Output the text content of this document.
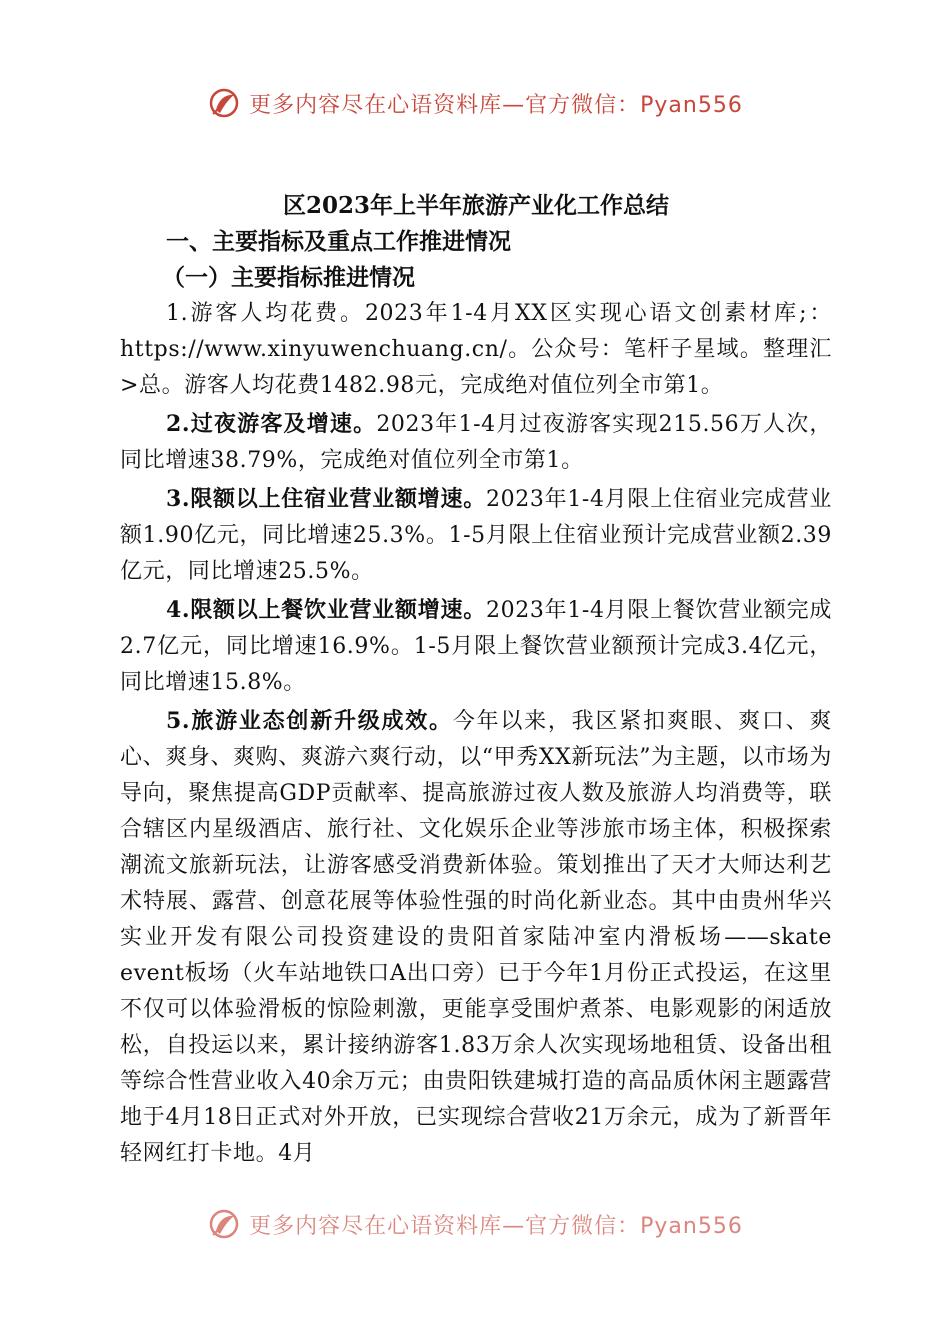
更多内容尽在心语资料库—官方微信：Pyan556

区2023年上半年旅游产业化工作总结

一、主要指标及重点工作推进情况

（一）主要指标推进情况

1.游客人均花费。2023年1-4月XX区实现心语文创素材库;：https://www.xinyuwenchuang.cn/。公众号：笔杆子星域。整理汇>总。游客人均花费1482.98元，完成绝对值位列全市第1。

2.过夜游客及增速。2023年1-4月过夜游客实现215.56万人次，同比增速38.79%，完成绝对值位列全市第1。

3.限额以上住宿业营业额增速。2023年1-4月限上住宿业完成营业额1.90亿元，同比增速25.3%。1-5月限上住宿业预计完成营业额2.39亿元，同比增速25.5%。

4.限额以上餐饮业营业额增速。2023年1-4月限上餐饮营业额完成2.7亿元，同比增速16.9%。1-5月限上餐饮营业额预计完成3.4亿元，同比增速15.8%。

5.旅游业态创新升级成效。今年以来，我区紧扣爽眼、爽口、爽心、爽身、爽购、爽游六爽行动，以“甲秀XX新玩法”为主题，以市场为导向，聚焦提高GDP贡献率、提高旅游过夜人数及旅游人均消费等，联合辖区内星级酒店、旅行社、文化娱乐企业等涉旅市场主体，积极探索潮流文旅新玩法，让游客感受消费新体验。策划推出了天才大师达利艺术特展、露营、创意花展等体验性强的时尚化新业态。其中由贵州华兴实业开发有限公司投资建设的贵阳首家陆冲室内滑板场——skate event板场（火车站地铁口A出口旁）已于今年1月份正式投运，在这里不仅可以体验滑板的惊险刺激，更能享受围炉煮茶、电影观影的闲适放松，自投运以来，累计接纳游客1.83万余人次实现场地租赁、设备出租等综合性营业收入40余万元；由贵阳铁建城打造的高品质休闲主题露营地于4月18日正式对外开放，已实现综合营收21万余元，成为了新晋年轻网红打卡地。4月

更多内容尽在心语资料库—官方微信：Pyan556
